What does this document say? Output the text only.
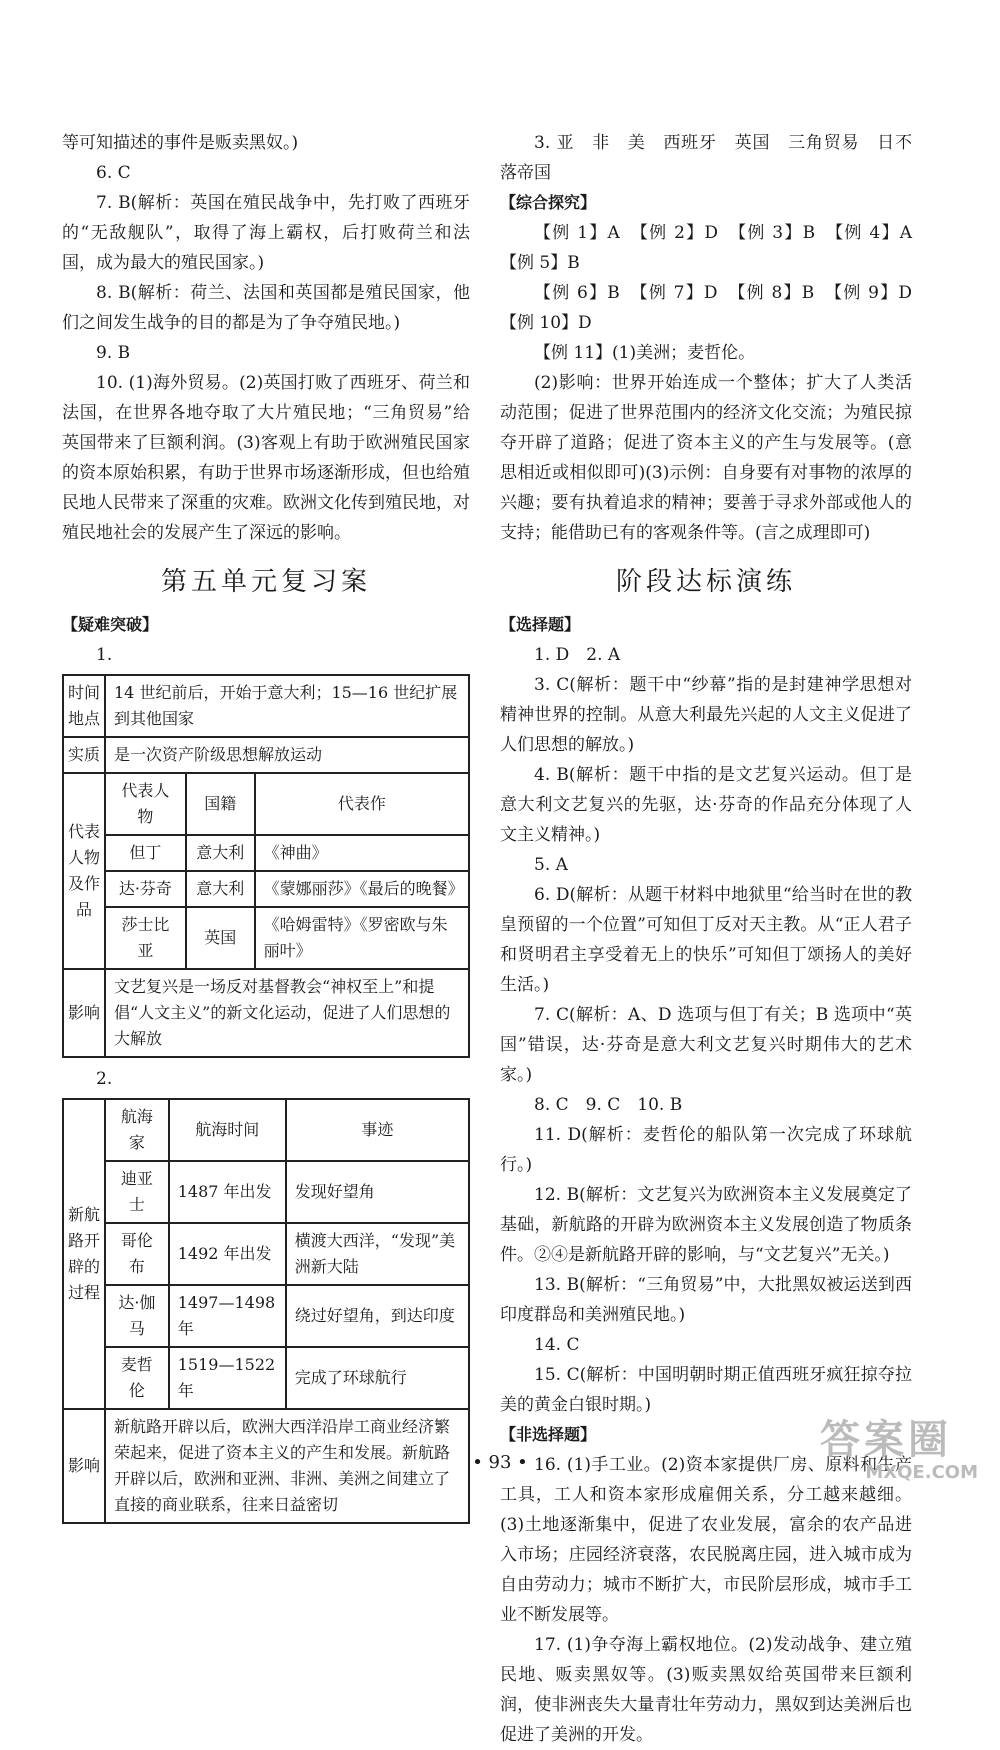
等可知描述的事件是贩卖黑奴。)

6. C

7. B(解析：英国在殖民战争中，先打败了西班牙的“无敌舰队”，取得了海上霸权，后打败荷兰和法国，成为最大的殖民国家。)

8. B(解析：荷兰、法国和英国都是殖民国家，他们之间发生战争的目的都是为了争夺殖民地。)

9. B

10. (1)海外贸易。(2)英国打败了西班牙、荷兰和法国，在世界各地夺取了大片殖民地；“三角贸易”给英国带来了巨额利润。(3)客观上有助于欧洲殖民国家的资本原始积累，有助于世界市场逐渐形成，但也给殖民地人民带来了深重的灾难。欧洲文化传到殖民地，对殖民地社会的发展产生了深远的影响。

第五单元复习案
【疑难突破】

1.

时间地点	14 世纪前后，开始于意大利；15—16 世纪扩展到其他国家		
实质	是一次资产阶级思想解放运动		
代表人物及作品	代表人物	国籍	代表作
	但丁	意大利	《神曲》
	达·芬奇	意大利	《蒙娜丽莎》《最后的晚餐》
	莎士比亚	英国	《哈姆雷特》《罗密欧与朱丽叶》
影响	文艺复兴是一场反对基督教会“神权至上”和提倡“人文主义”的新文化运动，促进了人们思想的大解放		

2.

新航路开辟的过程	航海家	航海时间	事迹
	迪亚士	1487 年出发	发现好望角
	哥伦布	1492 年出发	横渡大西洋，“发现”美洲新大陆
	达·伽马	1497—1498 年	绕过好望角，到达印度
	麦哲伦	1519—1522 年	完成了环球航行
影响	新航路开辟以后，欧洲大西洋沿岸工商业经济繁荣起来，促进了资本主义的产生和发展。新航路开辟以后，欧洲和亚洲、非洲、美洲之间建立了直接的商业联系，往来日益密切		

3. 亚　非　美　西班牙　英国　三角贸易　日不落帝国

【综合探究】

【例 1】A　【例 2】D　【例 3】B　【例 4】A　【例 5】B

【例 6】B　【例 7】D　【例 8】B　【例 9】D　【例 10】D

【例 11】(1)美洲；麦哲伦。

(2)影响：世界开始连成一个整体；扩大了人类活动范围；促进了世界范围内的经济文化交流；为殖民掠夺开辟了道路；促进了资本主义的产生与发展等。(意思相近或相似即可)(3)示例：自身要有对事物的浓厚的兴趣；要有执着追求的精神；要善于寻求外部或他人的支持；能借助已有的客观条件等。(言之成理即可)

阶段达标演练
【选择题】

1. D　2. A

3. C(解析：题干中“纱幕”指的是封建神学思想对精神世界的控制。从意大利最先兴起的人文主义促进了人们思想的解放。)

4. B(解析：题干中指的是文艺复兴运动。但丁是意大利文艺复兴的先驱，达·芬奇的作品充分体现了人文主义精神。)

5. A

6. D(解析：从题干材料中地狱里“给当时在世的教皇预留的一个位置”可知但丁反对天主教。从“正人君子和贤明君主享受着无上的快乐”可知但丁颂扬人的美好生活。)

7. C(解析：A、D 选项与但丁有关；B 选项中“英国”错误，达·芬奇是意大利文艺复兴时期伟大的艺术家。)

8. C　9. C　10. B

11. D(解析：麦哲伦的船队第一次完成了环球航行。)

12. B(解析：文艺复兴为欧洲资本主义发展奠定了基础，新航路的开辟为欧洲资本主义发展创造了物质条件。②④是新航路开辟的影响，与“文艺复兴”无关。)

13. B(解析：“三角贸易”中，大批黑奴被运送到西印度群岛和美洲殖民地。)

14. C

15. C(解析：中国明朝时期正值西班牙疯狂掠夺拉美的黄金白银时期。)

【非选择题】

16. (1)手工业。(2)资本家提供厂房、原料和生产工具，工人和资本家形成雇佣关系，分工越来越细。(3)土地逐渐集中，促进了农业发展，富余的农产品进入市场；庄园经济衰落，农民脱离庄园，进入城市成为自由劳动力；城市不断扩大，市民阶层形成，城市手工业不断发展等。

17. (1)争夺海上霸权地位。(2)发动战争、建立殖民地、贩卖黑奴等。(3)贩卖黑奴给英国带来巨额利润，使非洲丧失大量青壮年劳动力，黑奴到达美洲后也促进了美洲的开发。

• 93 •	答案圈
MXQE.COM
